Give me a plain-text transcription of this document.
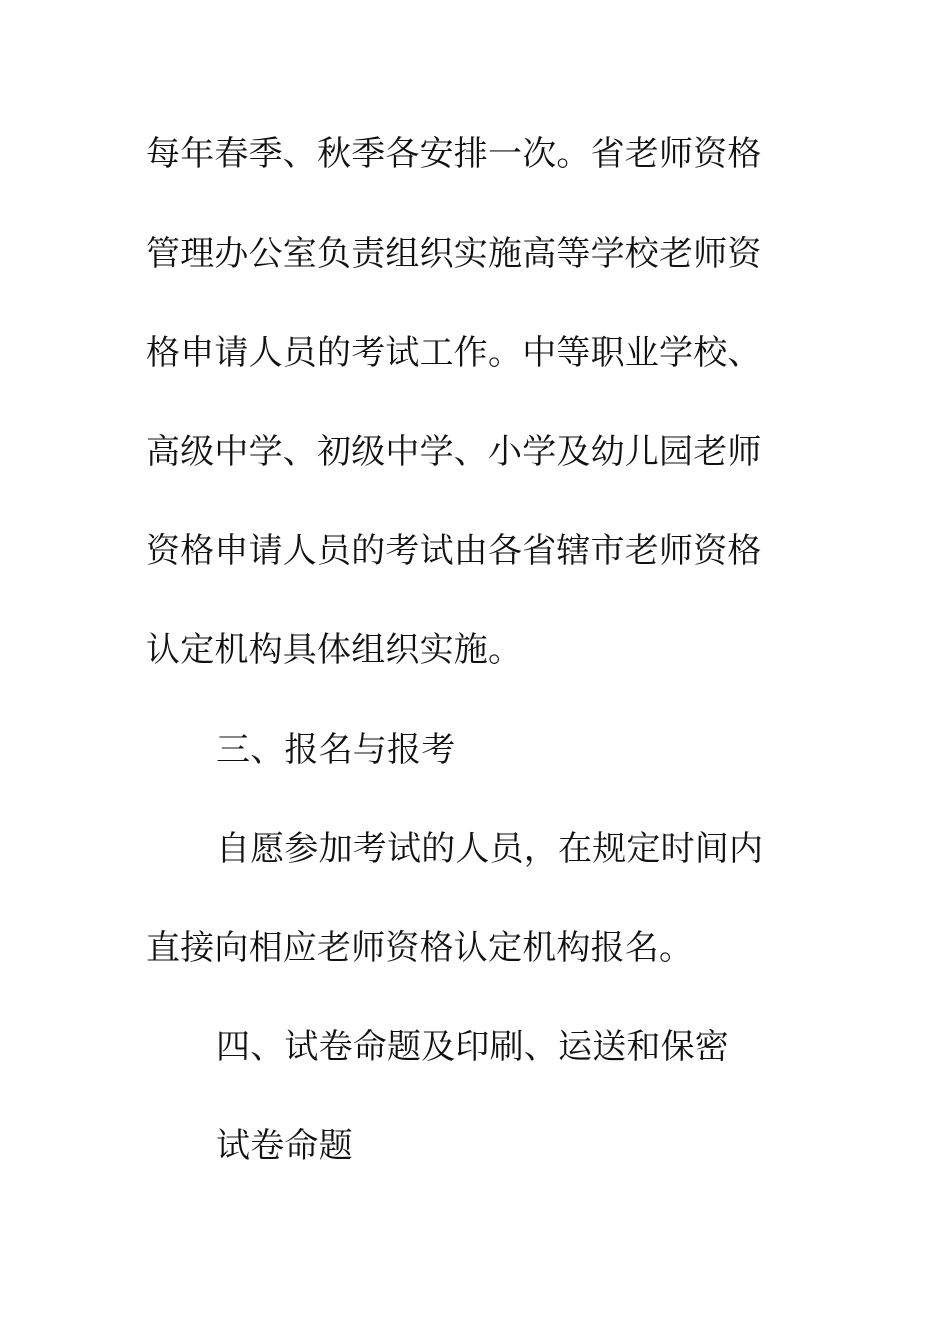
每年春季、秋季各安排一次。省老师资格
管理办公室负责组织实施高等学校老师资
格申请人员的考试工作。中等职业学校、
高级中学、初级中学、小学及幼儿园老师
资格申请人员的考试由各省辖市老师资格
认定机构具体组织实施。
三、报名与报考
自愿参加考试的人员，在规定时间内
直接向相应老师资格认定机构报名。
四、试卷命题及印刷、运送和保密
试卷命题
